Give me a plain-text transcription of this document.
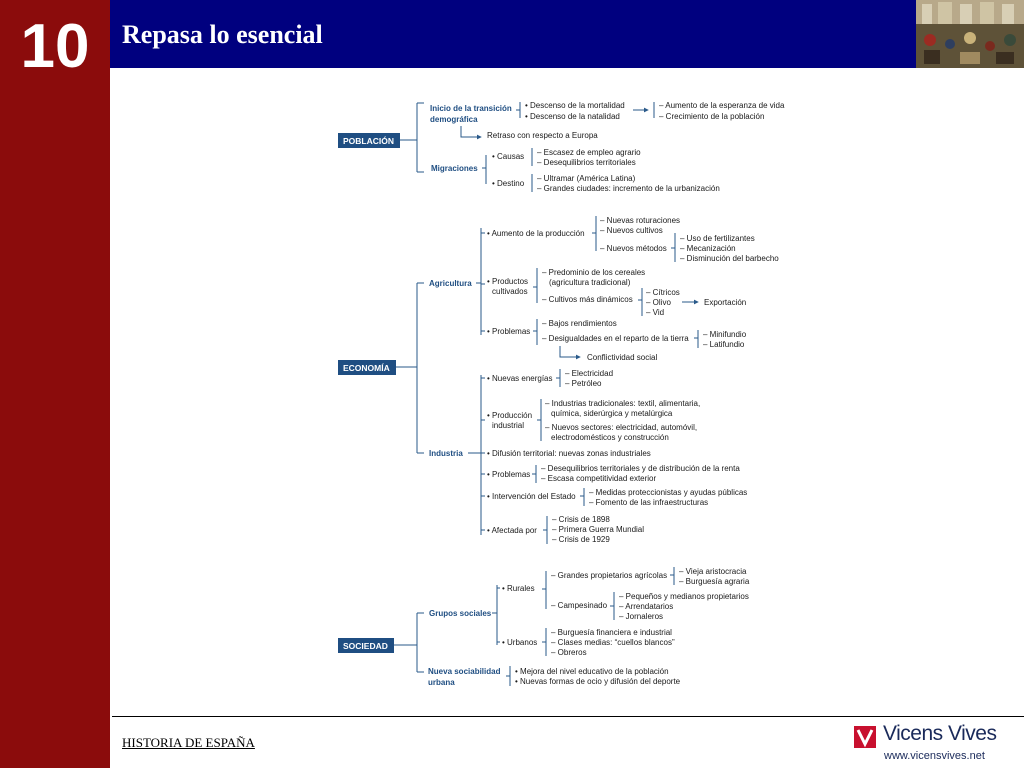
10	Repasa lo esencial
POBLACIÓN
Inicio de la transición
demográfica
• Descenso de la mortalidad
• Descenso de la natalidad
– Aumento de la esperanza de vida
– Crecimiento de la población
Retraso con respecto a Europa
Migraciones
• Causas – Escasez de empleo agrario
– Desequilibrios territoriales
• Destino
– Ultramar (América Latina)
– Grandes ciudades: incremento de la urbanización
ECONOMÍA
Agricultura
• Aumento de la producción
– Nuevas roturaciones
– Nuevos cultivos
– Nuevos métodos
– Uso de fertilizantes
– Mecanización
– Disminución del barbecho
• Productos
cultivados
– Predominio de los cereales
(agricultura tradicional)
– Cultivos más dinámicos
– Cítricos
– Olivo
– Vid
Exportación
• Problemas
– Bajos rendimientos
– Desigualdades en el reparto de la tierra – Minifundio
– Latifundio
Conflictividad social
Industria
• Nuevas energías
– Electricidad
– Petróleo
• Producción
industrial
– Industrias tradicionales: textil, alimentaria,
química, siderúrgica y metalúrgica
– Nuevos sectores: electricidad, automóvil,
electrodomésticos y construcción
• Difusión territorial: nuevas zonas industriales
• Problemas
– Desequilibrios territoriales y de distribución de la renta
– Escasa competitividad exterior
• Intervención del Estado – Medidas proteccionistas y ayudas públicas
– Fomento de las infraestructuras
• Afectada por
– Crisis de 1898
– Primera Guerra Mundial
– Crisis de 1929
SOCIEDAD
Grupos sociales
• Rurales
– Grandes propietarios agrícolas
– Campesinado
– Vieja aristocracia
– Burguesía agraria
– Pequeños y medianos propietarios
– Arrendatarios
– Jornaleros
• Urbanos
– Burguesía financiera e industrial
– Clases medias: “cuellos blancos”
– Obreros
Nueva sociabilidad
urbana
• Mejora del nivel educativo de la población
• Nuevas formas de ocio y difusión del deporte
HISTORIA DE ESPAÑA	Vicens Vives
www.vicensvives.net
